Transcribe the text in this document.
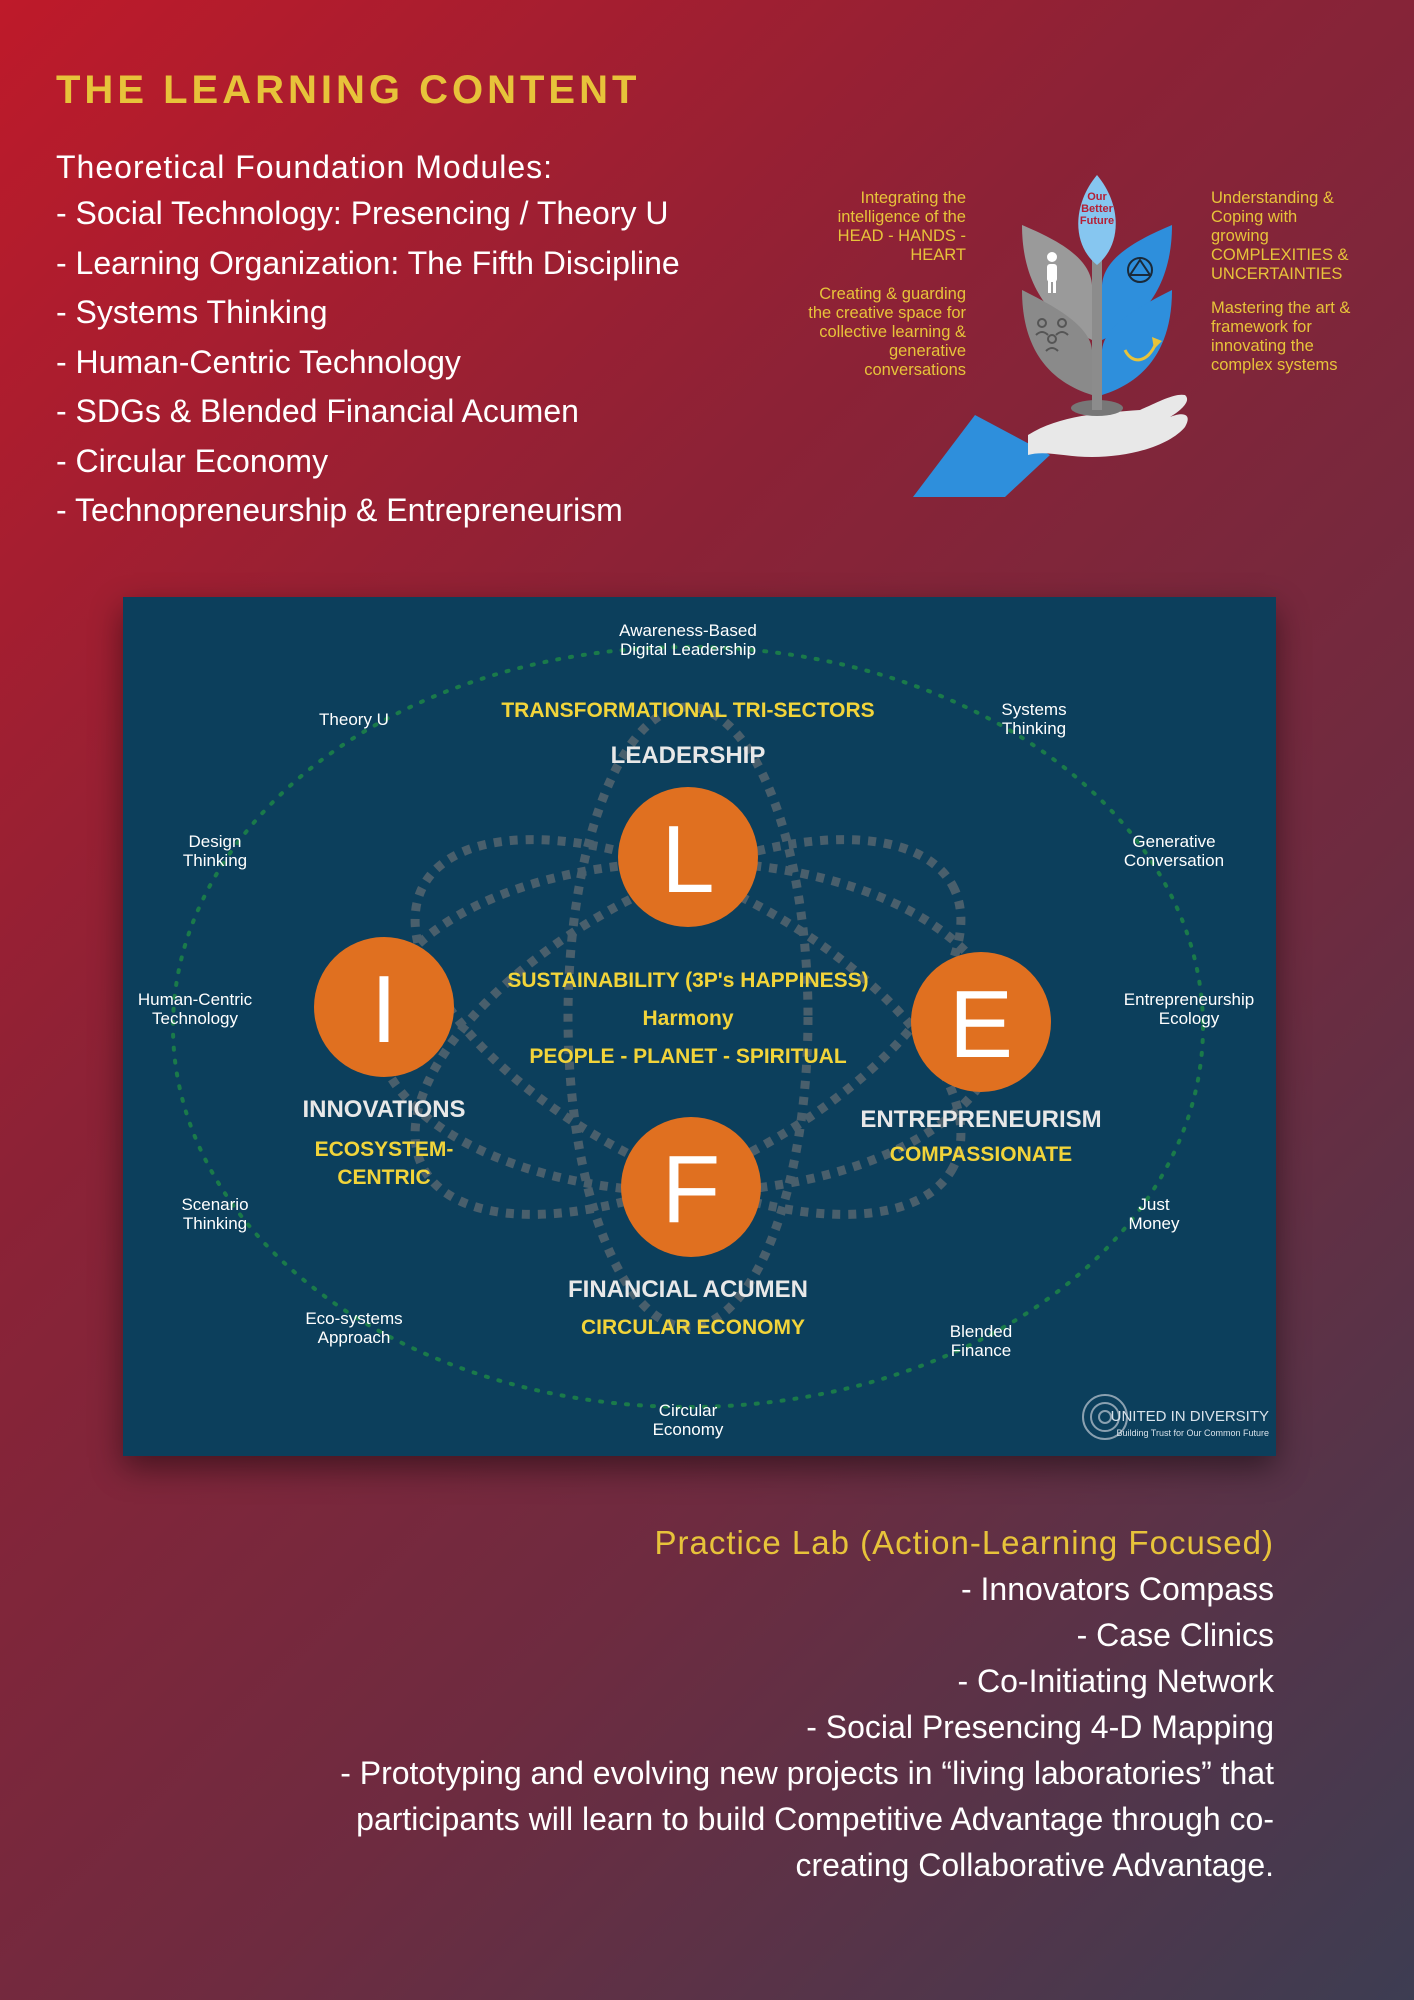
THE LEARNING CONTENT
Theoretical Foundation Modules:
- Social Technology: Presencing / Theory U
- Learning Organization: The Fifth Discipline
- Systems Thinking
- Human-Centric Technology
- SDGs & Blended Financial Acumen
- Circular Economy
- Technopreneurship & Entrepreneurism
Integrating the
intelligence of the
HEAD - HANDS -
HEART
Creating & guarding
the creative space for
collective learning &
generative
conversations
Understanding &
Coping with
growing
COMPLEXITIES &
UNCERTAINTIES
Mastering the art &
framework for
innovating the
complex systems
Our Better Future
Awareness-Based Digital Leadership
Theory U
Systems Thinking
Design Thinking
Generative Conversation
Human-Centric Technology
Entrepreneurship Ecology
Scenario Thinking
Just Money
Eco-systems Approach	Blended Finance
Circular Economy
TRANSFORMATIONAL TRI-SECTORS
LEADERSHIP
SUSTAINABILITY (3P's HAPPINESS)
Harmony
PEOPLE - PLANET - SPIRITUAL
L
I
INNOVATIONS
ECOSYSTEM-CENTRIC
E
ENTREPRENEURISM
COMPASSIONATE
F
FINANCIAL ACUMEN
CIRCULAR ECONOMY
UNITED IN DIVERSITY
Building Trust for Our Common Future
Practice Lab (Action-Learning Focused)
- Innovators Compass
- Case Clinics
- Co-Initiating Network
- Social Presencing 4-D Mapping
- Prototyping and evolving new projects in “living laboratories” that
participants will learn to build Competitive Advantage through co-
creating Collaborative Advantage.
